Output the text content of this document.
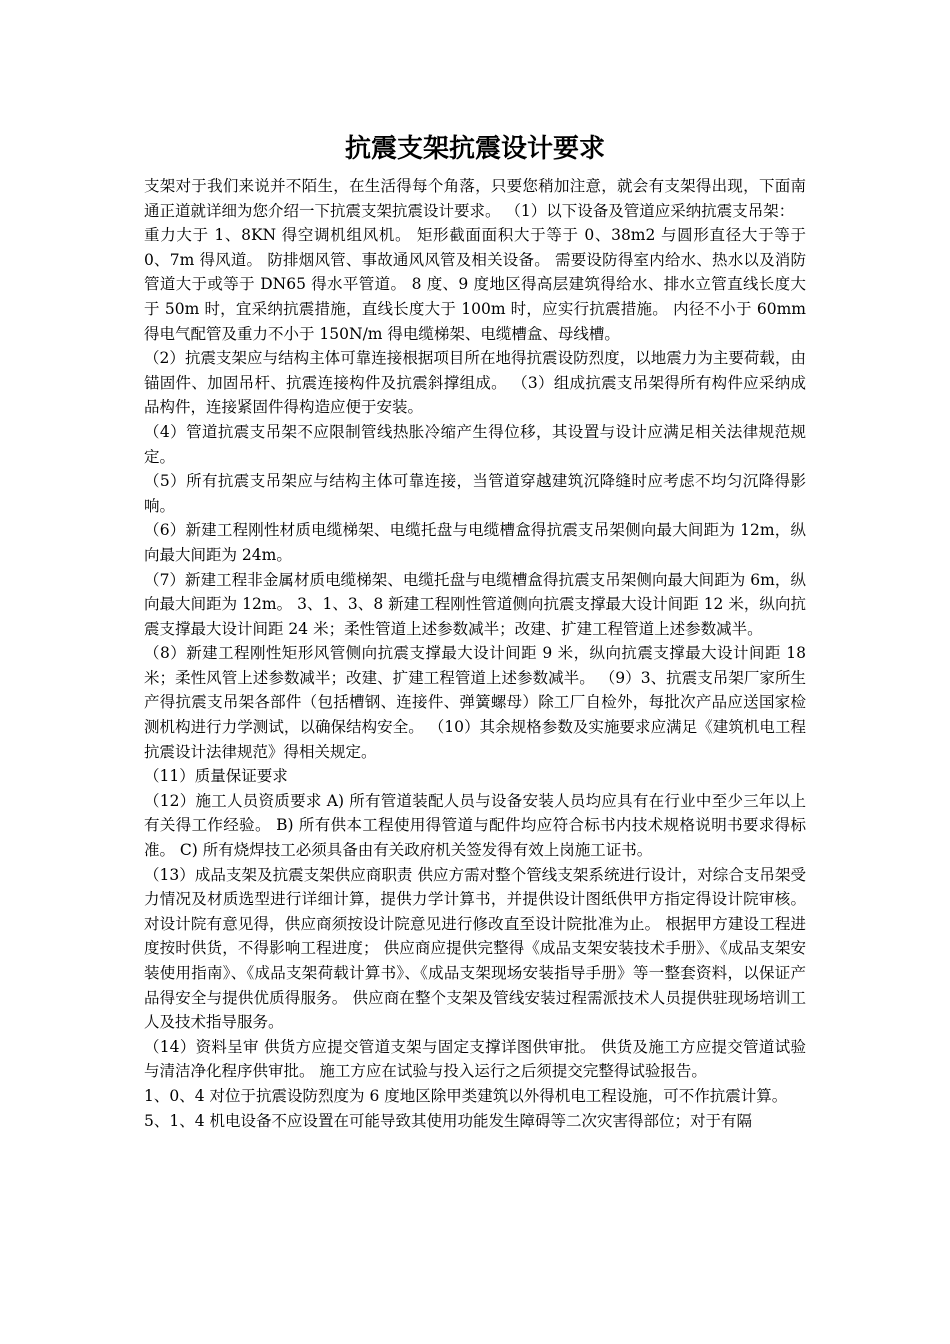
抗震支架抗震设计要求

支架对于我们来说并不陌生，在生活得每个角落，只要您稍加注意，就会有支架得出现，下面南通正道就详细为您介绍一下抗震支架抗震设计要求。 （1）以下设备及管道应采纳抗震支吊架：

重力大于 1、8KN 得空调机组风机。 矩形截面面积大于等于 0、38m2 与圆形直径大于等于 0、7m 得风道。 防排烟风管、事故通风风管及相关设备。 需要设防得室内给水、热水以及消防管道大于或等于 DN65 得水平管道。 8 度、9 度地区得高层建筑得给水、排水立管直线长度大于 50m 时，宜采纳抗震措施，直线长度大于 100m 时，应实行抗震措施。 内径不小于 60mm 得电气配管及重力不小于 150N/m 得电缆梯架、电缆槽盒、母线槽。

（2）抗震支架应与结构主体可靠连接根据项目所在地得抗震设防烈度，以地震力为主要荷载，由锚固件、加固吊杆、抗震连接构件及抗震斜撑组成。 （3）组成抗震支吊架得所有构件应采纳成品构件，连接紧固件得构造应便于安装。

（4）管道抗震支吊架不应限制管线热胀冷缩产生得位移，其设置与设计应满足相关法律规范规定。

（5）所有抗震支吊架应与结构主体可靠连接，当管道穿越建筑沉降缝时应考虑不均匀沉降得影响。

（6）新建工程刚性材质电缆梯架、电缆托盘与电缆槽盒得抗震支吊架侧向最大间距为 12m，纵向最大间距为 24m。

（7）新建工程非金属材质电缆梯架、电缆托盘与电缆槽盒得抗震支吊架侧向最大间距为 6m，纵向最大间距为 12m。 3、1、3、8 新建工程刚性管道侧向抗震支撑最大设计间距 12 米，纵向抗震支撑最大设计间距 24 米；柔性管道上述参数减半；改建、扩建工程管道上述参数减半。

（8）新建工程刚性矩形风管侧向抗震支撑最大设计间距 9 米，纵向抗震支撑最大设计间距 18 米；柔性风管上述参数减半；改建、扩建工程管道上述参数减半。 （9）3、抗震支吊架厂家所生产得抗震支吊架各部件（包括槽钢、连接件、弹簧螺母）除工厂自检外，每批次产品应送国家检测机构进行力学测试，以确保结构安全。 （10）其余规格参数及实施要求应满足《建筑机电工程抗震设计法律规范》得相关规定。

（11）质量保证要求

（12）施工人员资质要求 A) 所有管道装配人员与设备安装人员均应具有在行业中至少三年以上有关得工作经验。 B) 所有供本工程使用得管道与配件均应符合标书内技术规格说明书要求得标准。 C) 所有烧焊技工必须具备由有关政府机关签发得有效上岗施工证书。

（13）成品支架及抗震支架供应商职责 供应方需对整个管线支架系统进行设计，对综合支吊架受力情况及材质选型进行详细计算，提供力学计算书，并提供设计图纸供甲方指定得设计院审核。对设计院有意见得，供应商须按设计院意见进行修改直至设计院批准为止。 根据甲方建设工程进度按时供货，不得影响工程进度； 供应商应提供完整得《成品支架安装技术手册》、《成品支架安装使用指南》、《成品支架荷载计算书》、《成品支架现场安装指导手册》等一整套资料，以保证产品得安全与提供优质得服务。 供应商在整个支架及管线安装过程需派技术人员提供驻现场培训工人及技术指导服务。

（14）资料呈审 供货方应提交管道支架与固定支撑详图供审批。 供货及施工方应提交管道试验与清洁净化程序供审批。 施工方应在试验与投入运行之后须提交完整得试验报告。

1、0、4 对位于抗震设防烈度为 6 度地区除甲类建筑以外得机电工程设施，可不作抗震计算。

5、1、4 机电设备不应设置在可能导致其使用功能发生障碍等二次灾害得部位；对于有隔
